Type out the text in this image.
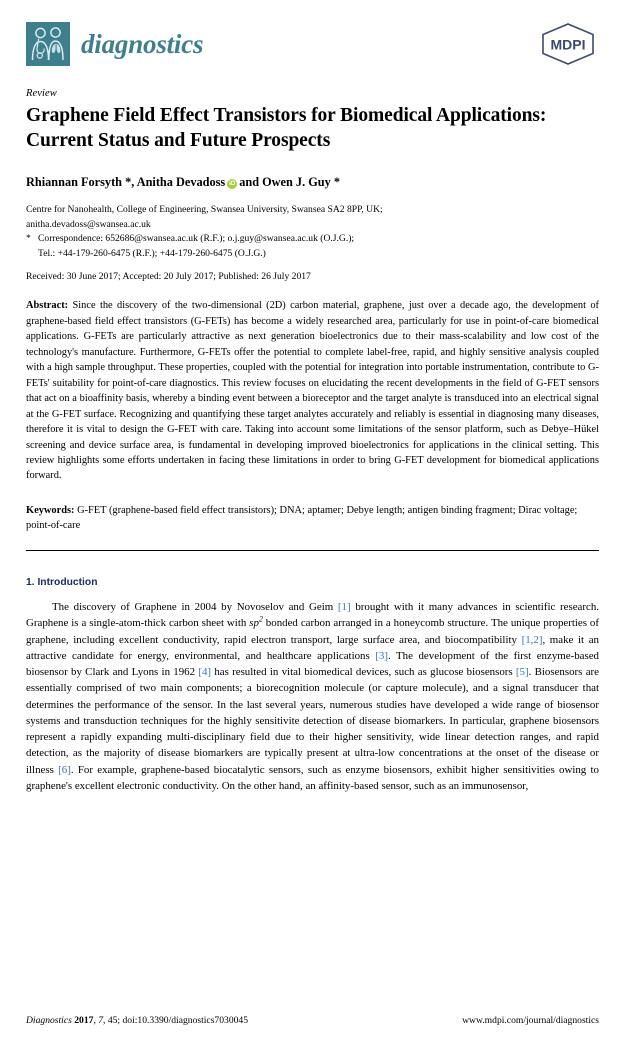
diagnostics	MDPI
Review
Graphene Field Effect Transistors for Biomedical Applications: Current Status and Future Prospects
Rhiannan Forsyth *, Anitha Devadoss iD and Owen J. Guy *
Centre for Nanohealth, College of Engineering, Swansea University, Swansea SA2 8PP, UK;
anitha.devadoss@swansea.ac.uk
* Correspondence: 652686@swansea.ac.uk (R.F.); o.j.guy@swansea.ac.uk (O.J.G.);
Tel.: +44-179-260-6475 (R.F.); +44-179-260-6475 (O.J.G.)
Received: 30 June 2017; Accepted: 20 July 2017; Published: 26 July 2017

Abstract: Since the discovery of the two-dimensional (2D) carbon material, graphene, just over a decade ago, the development of graphene-based field effect transistors (G-FETs) has become a widely researched area, particularly for use in point-of-care biomedical applications. G-FETs are particularly attractive as next generation bioelectronics due to their mass-scalability and low cost of the technology's manufacture. Furthermore, G-FETs offer the potential to complete label-free, rapid, and highly sensitive analysis coupled with a high sample throughput. These properties, coupled with the potential for integration into portable instrumentation, contribute to G-FETs' suitability for point-of-care diagnostics. This review focuses on elucidating the recent developments in the field of G-FET sensors that act on a bioaffinity basis, whereby a binding event between a bioreceptor and the target analyte is transduced into an electrical signal at the G-FET surface. Recognizing and quantifying these target analytes accurately and reliably is essential in diagnosing many diseases, therefore it is vital to design the G-FET with care. Taking into account some limitations of the sensor platform, such as Debye–Hükel screening and device surface area, is fundamental in developing improved bioelectronics for applications in the clinical setting. This review highlights some efforts undertaken in facing these limitations in order to bring G-FET development for biomedical applications forward.

Keywords: G-FET (graphene-based field effect transistors); DNA; aptamer; Debye length; antigen binding fragment; Dirac voltage; point-of-care

1. Introduction

The discovery of Graphene in 2004 by Novoselov and Geim [1] brought with it many advances in scientific research. Graphene is a single-atom-thick carbon sheet with $sp^2$ bonded carbon arranged in a honeycomb structure. The unique properties of graphene, including excellent conductivity, rapid electron transport, large surface area, and biocompatibility [1,2], make it an attractive candidate for energy, environmental, and healthcare applications [3]. The development of the first enzyme-based biosensor by Clark and Lyons in 1962 [4] has resulted in vital biomedical devices, such as glucose biosensors [5]. Biosensors are essentially comprised of two main components; a biorecognition molecule (or capture molecule), and a signal transducer that determines the performance of the sensor. In the last several years, numerous studies have developed a wide range of biosensor systems and transduction techniques for the highly sensitivite detection of disease biomarkers. In particular, graphene biosensors represent a rapidly expanding multi-disciplinary field due to their higher sensitivity, wide linear detection ranges, and rapid detection, as the majority of disease biomarkers are typically present at ultra-low concentrations at the onset of the disease or illness [6]. For example, graphene-based biocatalytic sensors, such as enzyme biosensors, exhibit higher sensitivities owing to graphene's excellent electronic conductivity. On the other hand, an affinity-based sensor, such as an immunosensor,

Diagnostics 2017, 7, 45; doi:10.3390/diagnostics7030045	www.mdpi.com/journal/diagnostics
